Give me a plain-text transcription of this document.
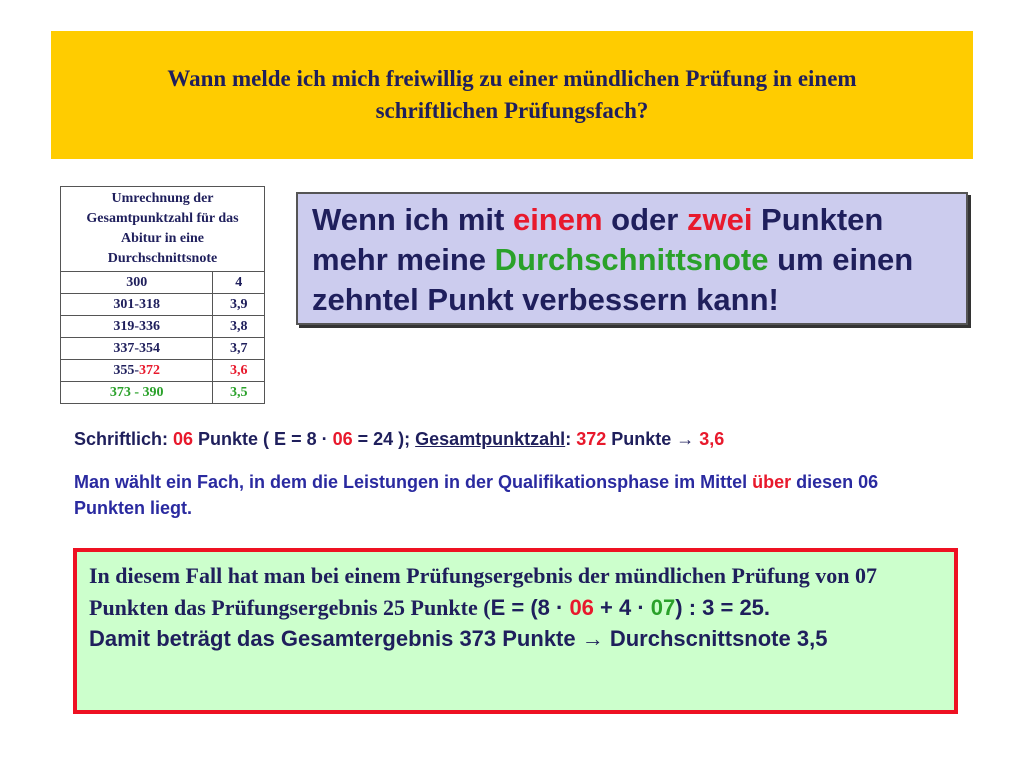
Wann melde ich mich freiwillig zu einer mündlichen Prüfung in einem
schriftlichen Prüfungsfach?
Umrechnung der
Gesamtpunktzahl für das
Abitur in eine
Durchschnittsnote	
300	4
301-318	3,9
319-336	3,8
337-354	3,7
355-372	3,6
373 - 390	3,5
Wenn ich mit einem oder zwei Punkten mehr meine Durchschnittsnote um einen zehntel Punkt verbessern kann!
Schriftlich: 06 Punkte ( E = 8 · 06 = 24 ); Gesamtpunktzahl: 372 Punkte → 3,6
Man wählt ein Fach, in dem die Leistungen in der Qualifikationsphase im Mittel über diesen 06 Punkten liegt.
In diesem Fall hat man bei einem Prüfungsergebnis der mündlichen Prüfung von 07 Punkten das Prüfungsergebnis 25 Punkte (E = (8 · 06 + 4 · 07) : 3 = 25.
Damit beträgt das Gesamtergebnis 373 Punkte → Durchscnittsnote 3,5
